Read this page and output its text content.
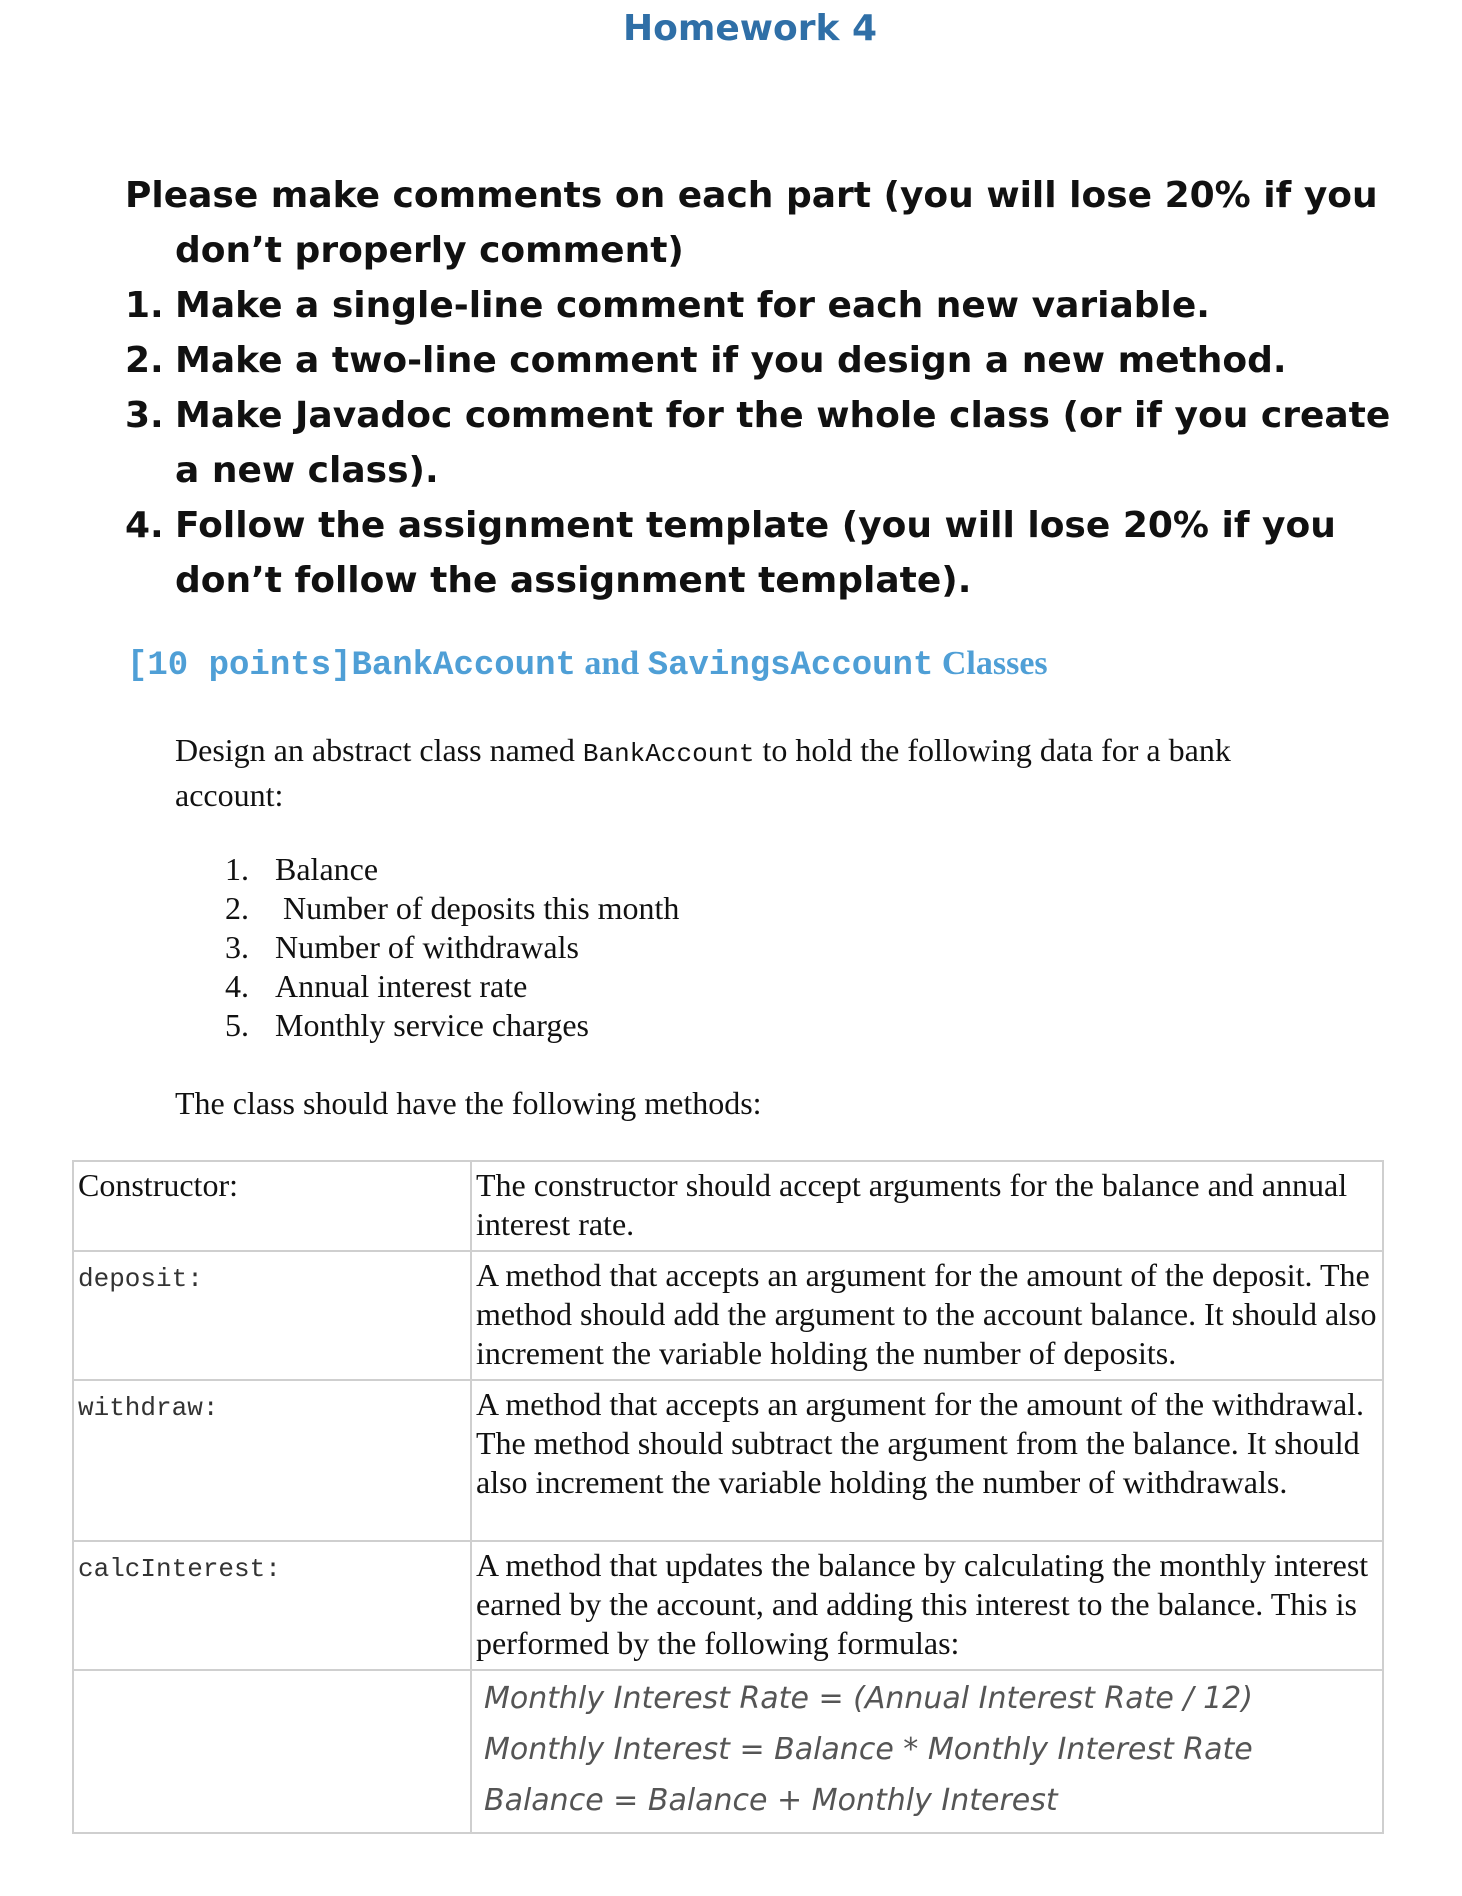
Homework 4
Please make comments on each part (you will lose 20% if you don’t properly comment)
1. Make a single-line comment for each new variable.
2. Make a two-line comment if you design a new method.
3. Make Javadoc comment for the whole class (or if you create a new class).
4. Follow the assignment template (you will lose 20% if you don’t follow the assignment template).
[10 points]BankAccount and SavingsAccount Classes
Design an abstract class named BankAccount to hold the following data for a bank account:
1. Balance
2. Number of deposits this month
3. Number of withdrawals
4. Annual interest rate
5. Monthly service charges
The class should have the following methods:
Constructor:	The constructor should accept arguments for the balance and annual interest rate.
deposit:	A method that accepts an argument for the amount of the deposit. The method should add the argument to the account balance. It should also increment the variable holding the number of deposits.
withdraw:	A method that accepts an argument for the amount of the withdrawal. The method should subtract the argument from the balance. It should also increment the variable holding the number of withdrawals.
calcInterest:	A method that updates the balance by calculating the monthly interest earned by the account, and adding this interest to the balance. This is performed by the following formulas:

	Monthly Interest Rate = (Annual Interest Rate / 12)
Monthly Interest = Balance * Monthly Interest Rate
Balance = Balance + Monthly Interest
